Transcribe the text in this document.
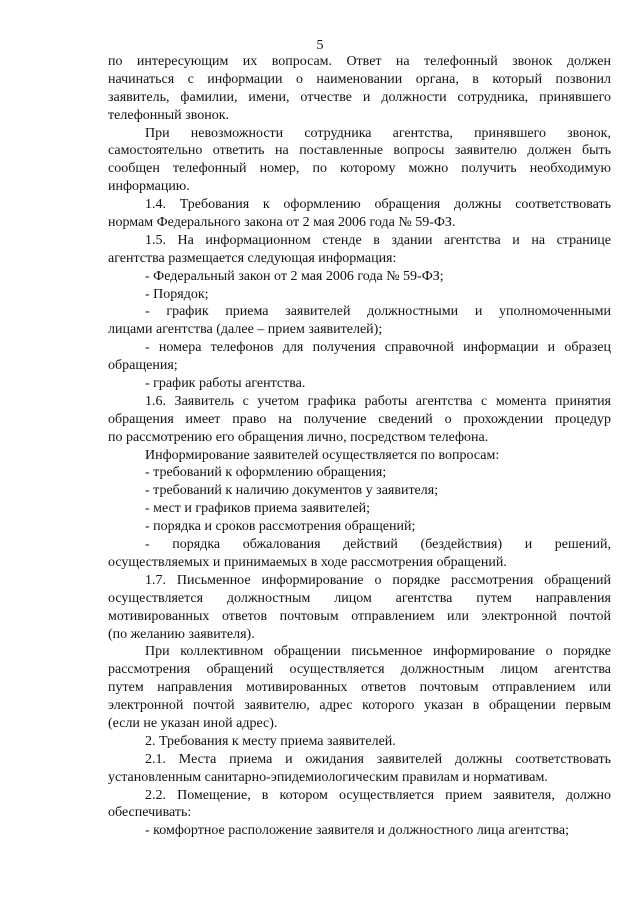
5
по интересующим их вопросам. Ответ на телефонный звонок должен
начинаться с информации о наименовании органа, в который позвонил
заявитель, фамилии, имени, отчестве и должности сотрудника, принявшего
телефонный звонок.
При невозможности сотрудника агентства, принявшего звонок,
самостоятельно ответить на поставленные вопросы заявителю должен быть
сообщен телефонный номер, по которому можно получить необходимую
информацию.
1.4. Требования к оформлению обращения должны соответствовать
нормам Федерального закона от 2 мая 2006 года № 59-ФЗ.
1.5. На информационном стенде в здании агентства и на странице
агентства размещается следующая информация:
- Федеральный закон от 2 мая 2006 года № 59-ФЗ;
- Порядок;
- график приема заявителей должностными и уполномоченными
лицами агентства (далее – прием заявителей);
- номера телефонов для получения справочной информации и образец
обращения;
- график работы агентства.
1.6. Заявитель с учетом графика работы агентства с момента принятия
обращения имеет право на получение сведений о прохождении процедур
по рассмотрению его обращения лично, посредством телефона.
Информирование заявителей осуществляется по вопросам:
- требований к оформлению обращения;
- требований к наличию документов у заявителя;
- мест и графиков приема заявителей;
- порядка и сроков рассмотрения обращений;
- порядка обжалования действий (бездействия) и решений,
осуществляемых и принимаемых в ходе рассмотрения обращений.
1.7. Письменное информирование о порядке рассмотрения обращений
осуществляется должностным лицом агентства путем направления
мотивированных ответов почтовым отправлением или электронной почтой
(по желанию заявителя).
При коллективном обращении письменное информирование о порядке
рассмотрения обращений осуществляется должностным лицом агентства
путем направления мотивированных ответов почтовым отправлением или
электронной почтой заявителю, адрес которого указан в обращении первым
(если не указан иной адрес).
2. Требования к месту приема заявителей.
2.1. Места приема и ожидания заявителей должны соответствовать
установленным санитарно-эпидемиологическим правилам и нормативам.
2.2. Помещение, в котором осуществляется прием заявителя, должно
обеспечивать:
- комфортное расположение заявителя и должностного лица агентства;
